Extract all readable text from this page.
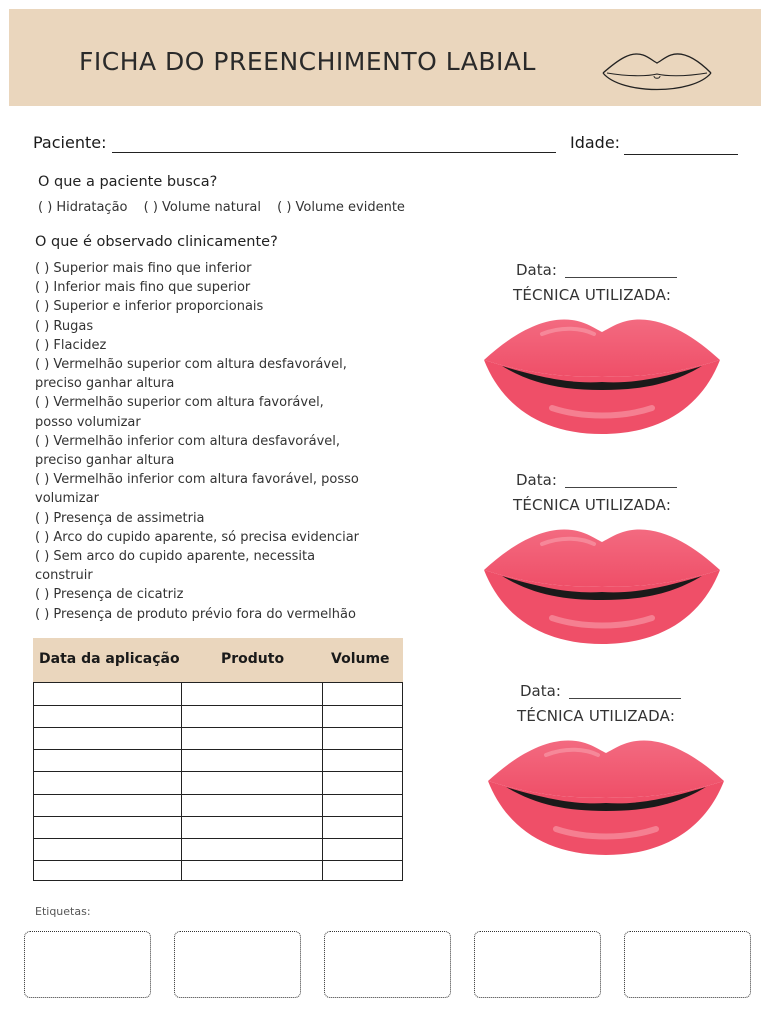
FICHA DO PREENCHIMENTO LABIAL
Paciente:	Idade:
O que a paciente busca?
( ) Hidratação ( ) Volume natural ( ) Volume evidente
O que é observado clinicamente?
( ) Superior mais fino que inferior
( ) Inferior mais fino que superior
( ) Superior e inferior proporcionais
( ) Rugas
( ) Flacidez
( ) Vermelhão superior com altura desfavorável,
preciso ganhar altura
( ) Vermelhão superior com altura favorável,
posso volumizar
( ) Vermelhão inferior com altura desfavorável,
preciso ganhar altura
( ) Vermelhão inferior com altura favorável, posso
volumizar
( ) Presença de assimetria
( ) Arco do cupido aparente, só precisa evidenciar
( ) Sem arco do cupido aparente, necessita
construir
( ) Presença de cicatriz
( ) Presença de produto prévio fora do vermelhão
Data da aplicação	Produto	Volume
Data:
TÉCNICA UTILIZADA:
Data:
TÉCNICA UTILIZADA:
Data:
TÉCNICA UTILIZADA:
Etiquetas:
